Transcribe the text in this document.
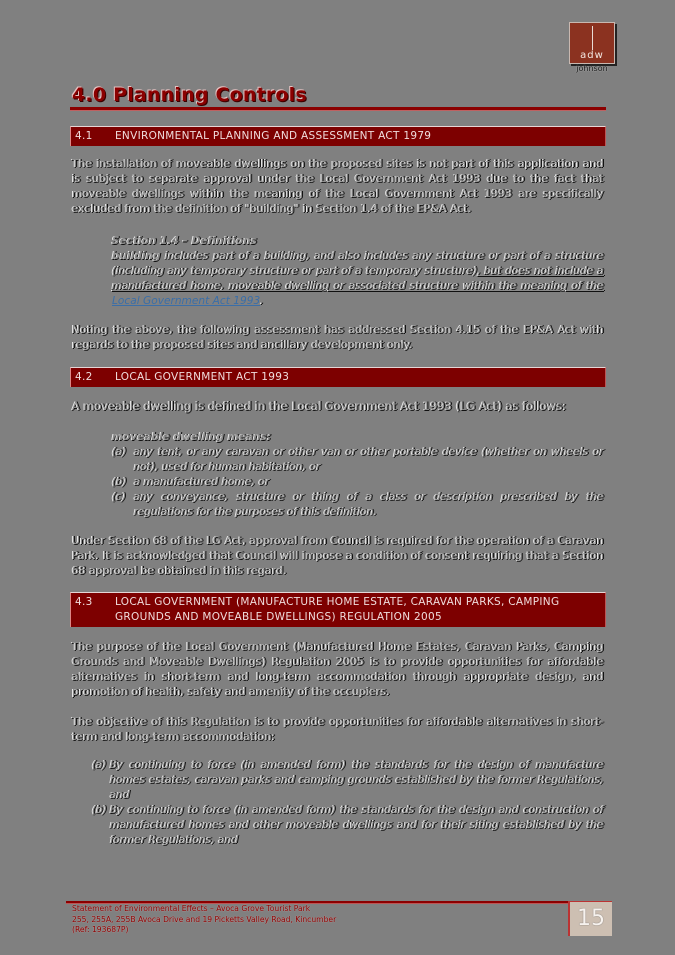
adw
johnson
4.0 Planning Controls
4.1	ENVIRONMENTAL PLANNING AND ASSESSMENT ACT 1979
The installation of moveable dwellings on the proposed sites is not part of this application and is subject to separate approval under the Local Government Act 1993 due to the fact that moveable dwellings within the meaning of the Local Government Act 1993 are specifically excluded from the definition of "building" in Section 1.4 of the EP&A Act.
Section 1.4 – Definitions
building includes part of a building, and also includes any structure or part of a structure (including any temporary structure or part of a temporary structure), but does not include a manufactured home, moveable dwelling or associated structure within the meaning of the Local Government Act 1993.
Noting the above, the following assessment has addressed Section 4.15 of the EP&A Act with regards to the proposed sites and ancillary development only.
4.2	LOCAL GOVERNMENT ACT 1993
A moveable dwelling is defined in the Local Government Act 1993 (LG Act) as follows:
moveable dwelling means:
(a) any tent, or any caravan or other van or other portable device (whether on wheels or not), used for human habitation, or
(b) a manufactured home, or
(c) any conveyance, structure or thing of a class or description prescribed by the regulations for the purposes of this definition.
Under Section 68 of the LG Act, approval from Council is required for the operation of a Caravan Park. It is acknowledged that Council will impose a condition of consent requiring that a Section 68 approval be obtained in this regard.
4.3	LOCAL GOVERNMENT (MANUFACTURE HOME ESTATE, CARAVAN PARKS, CAMPING GROUNDS AND MOVEABLE DWELLINGS) REGULATION 2005
The purpose of the Local Government (Manufactured Home Estates, Caravan Parks, Camping Grounds and Moveable Dwellings) Regulation 2005 is to provide opportunities for affordable alternatives in short-term and long-term accommodation through appropriate design, and promotion of health, safety and amenity of the occupiers.
The objective of this Regulation is to provide opportunities for affordable alternatives in short-term and long-term accommodation:
(a) By continuing to force (in amended form) the standards for the design of manufacture homes estates, caravan parks and camping grounds established by the former Regulations, and
(b) By continuing to force (in amended form) the standards for the design and construction of manufactured homes and other moveable dwellings and for their siting established by the former Regulations, and
Statement of Environmental Effects – Avoca Grove Tourist Park
255, 255A, 255B Avoca Drive and 19 Picketts Valley Road, Kincumber
(Ref: 193687P)	15
